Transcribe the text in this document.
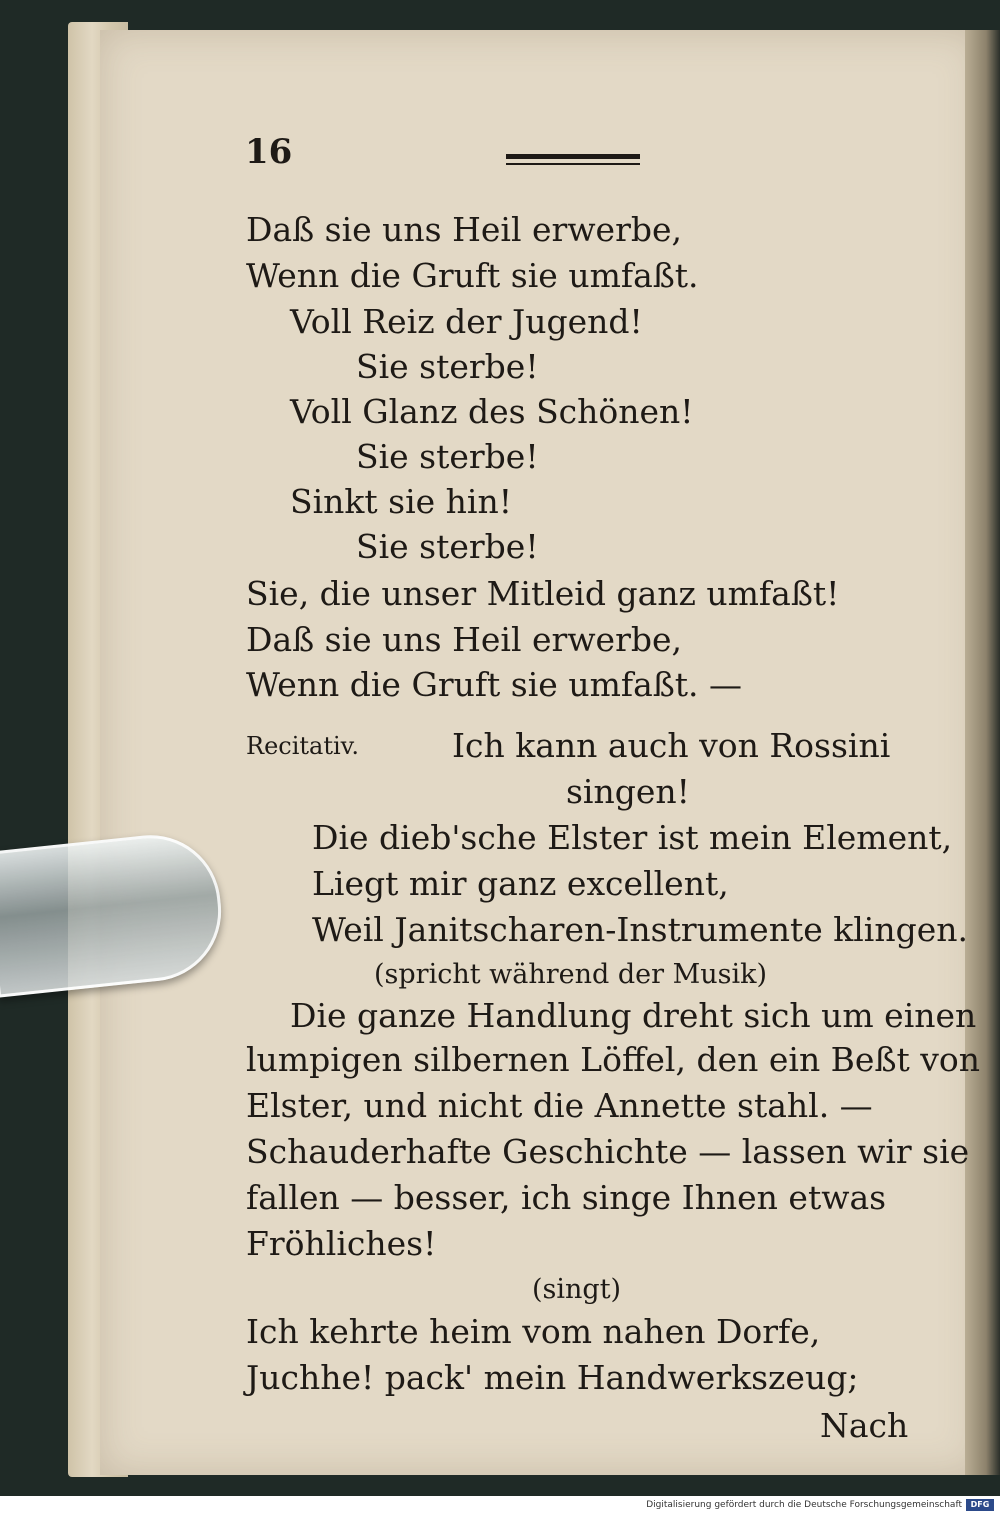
16
Daß sie uns Heil erwerbe,
Wenn die Gruft sie umfaßt.
Voll Reiz der Jugend!
Sie sterbe!
Voll Glanz des Schönen!
Sie sterbe!
Sinkt sie hin!
Sie sterbe!
Sie, die unser Mitleid ganz umfaßt!
Daß sie uns Heil erwerbe,
Wenn die Gruft sie umfaßt. —
Recitativ.	Ich kann auch von Rossini
singen!
Die dieb'sche Elster ist mein Element,
Liegt mir ganz excellent,
Weil Janitscharen-Instrumente klingen.
(spricht während der Musik)
Die ganze Handlung dreht sich um einen
lumpigen silbernen Löffel, den ein Beßt von
Elster, und nicht die Annette stahl. —
Schauderhafte Geschichte — lassen wir sie
fallen — besser, ich singe Ihnen etwas
Fröhliches!
(singt)
Ich kehrte heim vom nahen Dorfe,
Juchhe! pack' mein Handwerkszeug;
Nach
Digitalisierung gefördert durch die Deutsche Forschungsgemeinschaft	DFG
